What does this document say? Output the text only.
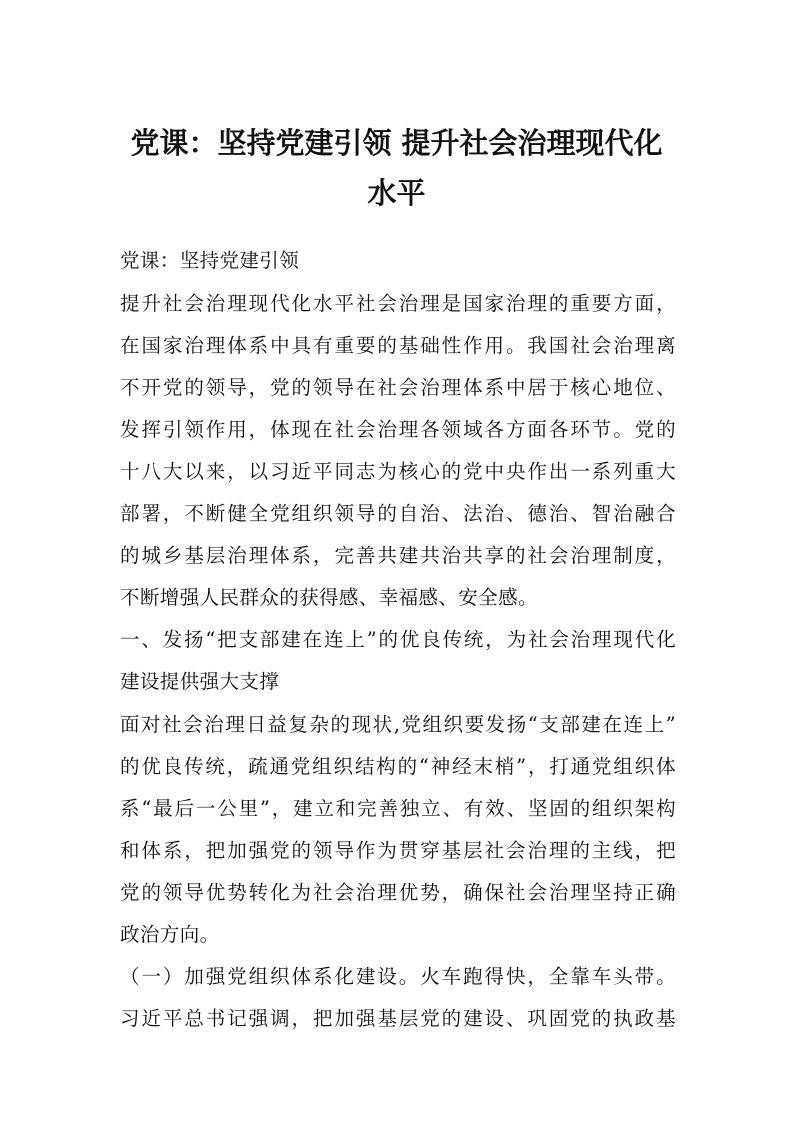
党课：坚持党建引领 提升社会治理现代化
水平
党课：坚持党建引领
提升社会治理现代化水平社会治理是国家治理的重要方面，
在国家治理体系中具有重要的基础性作用。我国社会治理离
不开党的领导，党的领导在社会治理体系中居于核心地位、
发挥引领作用，体现在社会治理各领域各方面各环节。党的
十八大以来，以习近平同志为核心的党中央作出一系列重大
部署，不断健全党组织领导的自治、法治、德治、智治融合
的城乡基层治理体系，完善共建共治共享的社会治理制度，
不断增强人民群众的获得感、幸福感、安全感。
一、发扬“把支部建在连上”的优良传统，为社会治理现代化
建设提供强大支撑
面对社会治理日益复杂的现状,党组织要发扬“支部建在连上”
的优良传统，疏通党组织结构的“神经末梢”，打通党组织体
系“最后一公里”，建立和完善独立、有效、坚固的组织架构
和体系，把加强党的领导作为贯穿基层社会治理的主线，把
党的领导优势转化为社会治理优势，确保社会治理坚持正确
政治方向。
（一）加强党组织体系化建设。火车跑得快，全靠车头带。
习近平总书记强调，把加强基层党的建设、巩固党的执政基
